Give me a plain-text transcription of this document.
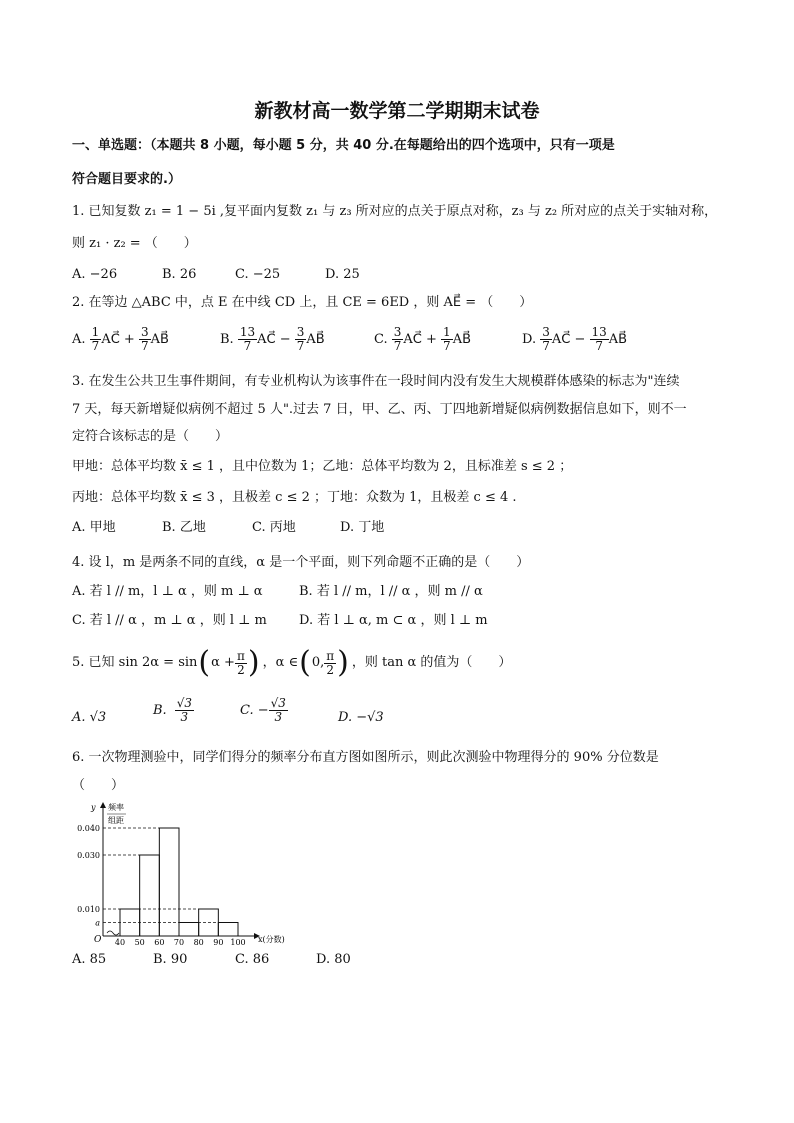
新教材高一数学第二学期期末试卷
一、单选题：（本题共 8 小题，每小题 5 分，共 40 分.在每题给出的四个选项中，只有一项是
符合题目要求的.）
1. 已知复数 z₁ = 1 − 5i ,复平面内复数 z₁ 与 z₃ 所对应的点关于原点对称，z₃ 与 z₂ 所对应的点关于实轴对称，
则 z₁ · z₂ = （　　）
A. −26	B. 26	C. −25	D. 25
2. 在等边 △ABC 中，点 E 在中线 CD 上，且 CE = 6ED ，则 AE⃗ = （　　）
A. $\frac{1}{7}$ AC⃗ + $\frac{3}{7}$ AB⃗	B. $\frac{13}{7}$ AC⃗ − $\frac{3}{7}$ AB⃗	C. $\frac{3}{7}$ AC⃗ + $\frac{1}{7}$ AB⃗	D. $\frac{3}{7}$ AC⃗ − $\frac{13}{7}$ AB⃗
3. 在发生公共卫生事件期间，有专业机构认为该事件在一段时间内没有发生大规模群体感染的标志为"连续
7 天，每天新增疑似病例不超过 5 人".过去 7 日，甲、乙、丙、丁四地新增疑似病例数据信息如下，则不一
定符合该标志的是（　　）
甲地：总体平均数 x̄ ≤ 1 ，且中位数为 1；乙地：总体平均数为 2，且标准差 s ≤ 2 ；
丙地：总体平均数 x̄ ≤ 3 ，且极差 c ≤ 2 ；丁地：众数为 1，且极差 c ≤ 4 .
A. 甲地	B. 乙地	C. 丙地	D. 丁地
4. 设 l，m 是两条不同的直线，α 是一个平面，则下列命题不正确的是（　　）
A. 若 l // m，l ⊥ α ，则 m ⊥ α	B. 若 l // m，l // α ，则 m // α
C. 若 l // α ，m ⊥ α ，则 l ⊥ m D. 若 l ⊥ α, m ⊂ α ，则 l ⊥ m
5. 已知 sin 2α = sin ( $\alpha + \frac{\pi}{2}$ ) ，α ∈ ( 0, $\frac{\pi}{2}$ ) ，则 tan α 的值为（　　）
A. √3	B. $\frac{√3}{3}$	C. − $\frac{√3}{3}$	D. −√3
6. 一次物理测验中，同学们得分的频率分布直方图如图所示，则此次测验中物理得分的 90% 分位数是
（　　）
y 频率
组距
O	x(分数)
0.040
0.030
0.010
a
40 50 60 70 80 90 100
A. 85	B. 90	C. 86	D. 80
